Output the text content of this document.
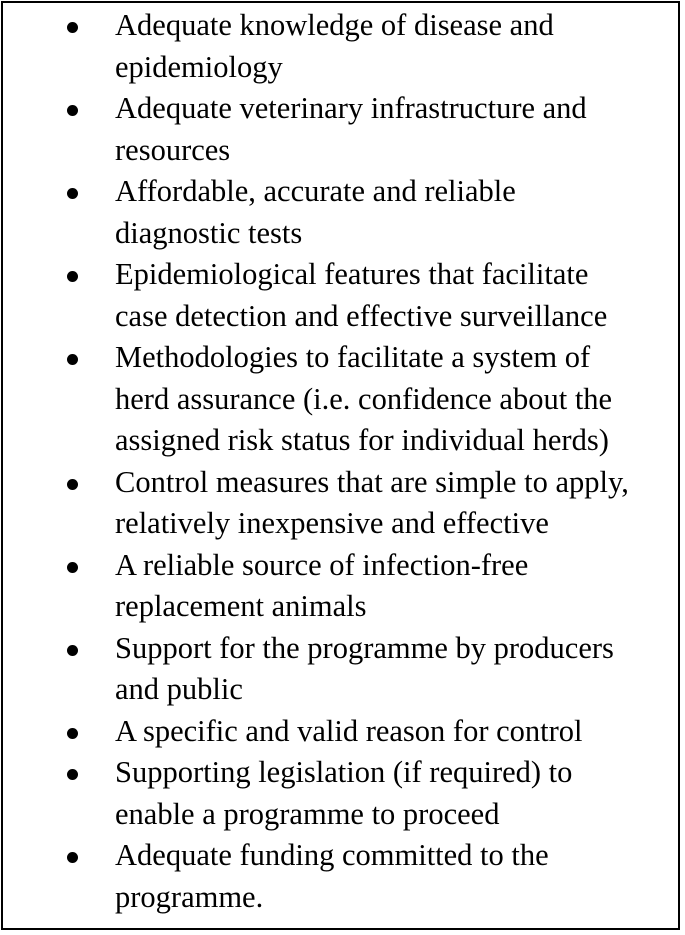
Adequate knowledge of disease and
epidemiology
Adequate veterinary infrastructure and
resources
Affordable, accurate and reliable
diagnostic tests
Epidemiological features that facilitate
case detection and effective surveillance
Methodologies to facilitate a system of
herd assurance (i.e. confidence about the
assigned risk status for individual herds)
Control measures that are simple to apply,
relatively inexpensive and effective
A reliable source of infection-free
replacement animals
Support for the programme by producers
and public
A specific and valid reason for control
Supporting legislation (if required) to
enable a programme to proceed
Adequate funding committed to the
programme.
